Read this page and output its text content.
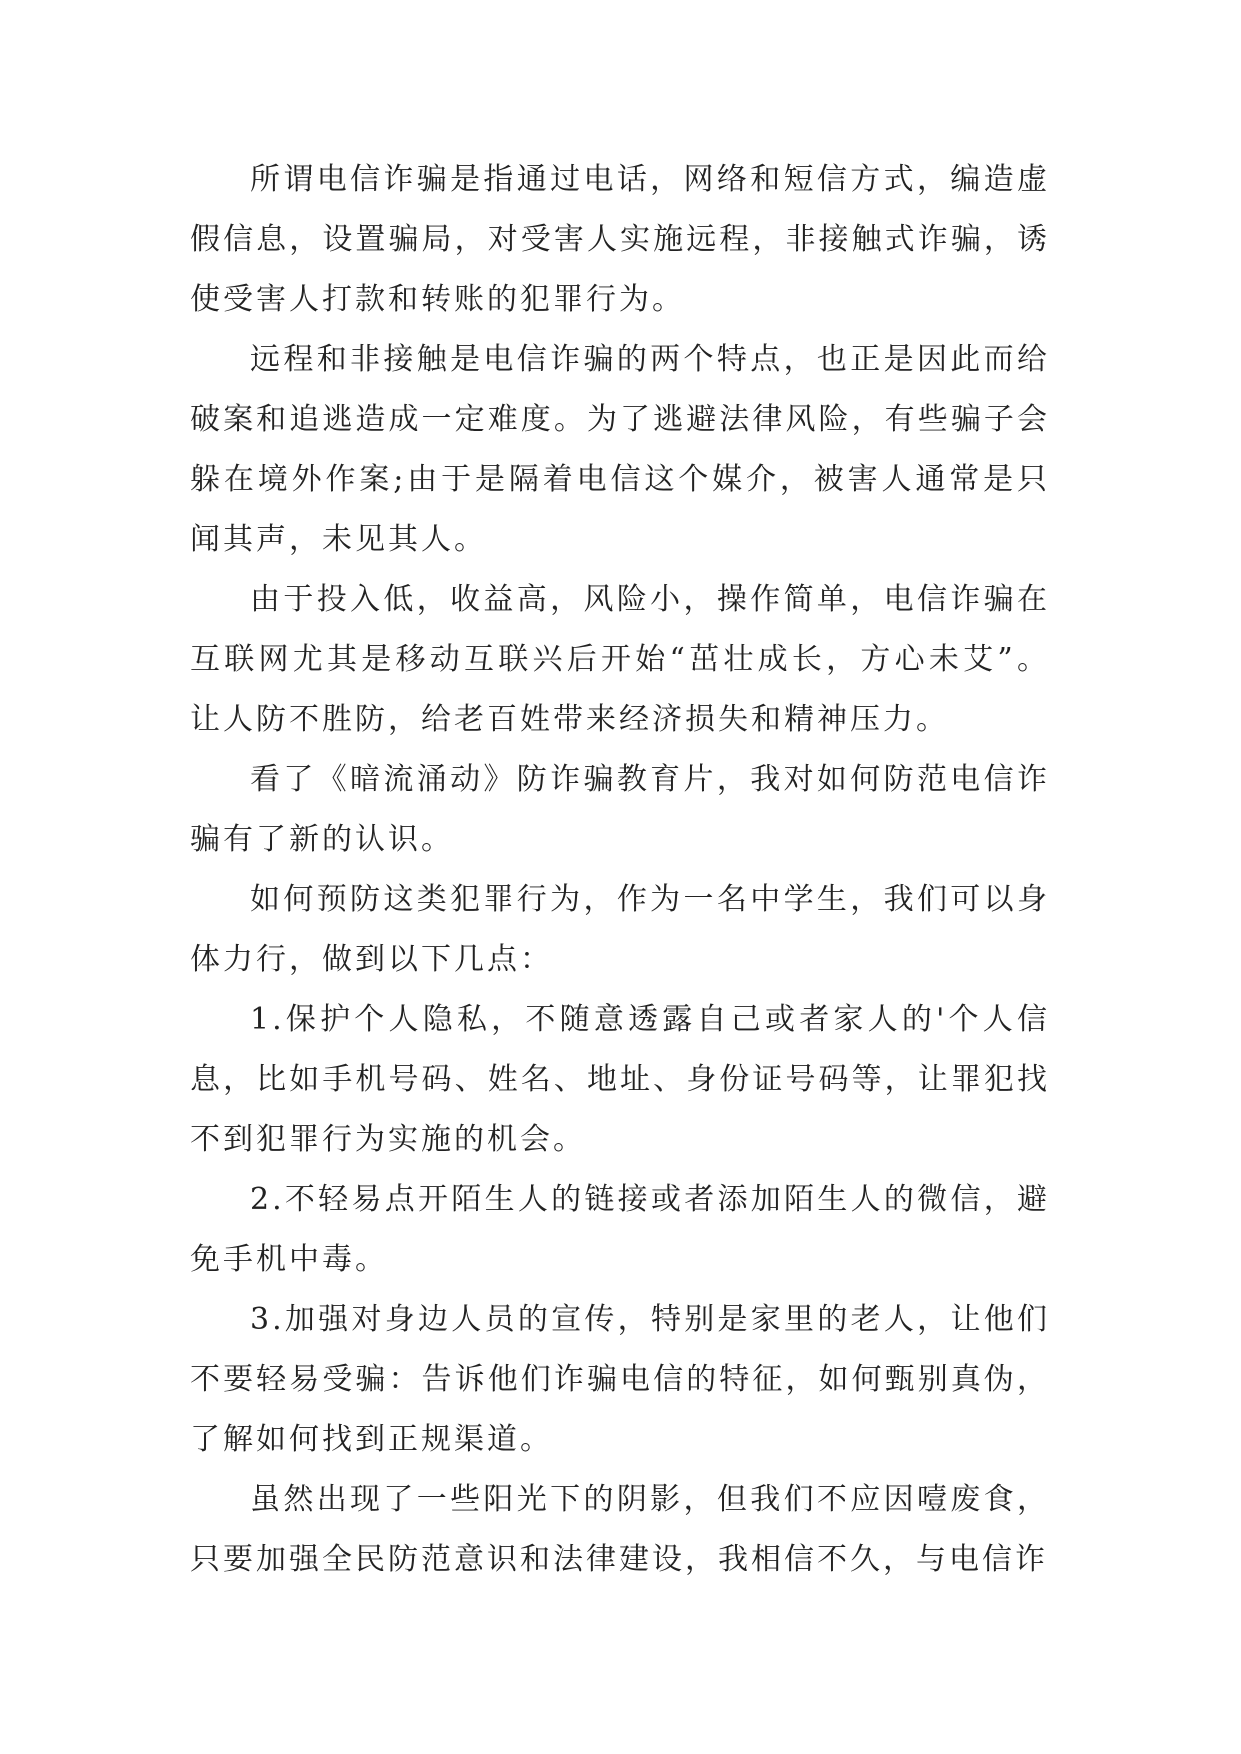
所谓电信诈骗是指通过电话，网络和短信方式，编造虚假信息，设置骗局，对受害人实施远程，非接触式诈骗，诱使受害人打款和转账的犯罪行为。

远程和非接触是电信诈骗的两个特点，也正是因此而给破案和追逃造成一定难度。为了逃避法律风险，有些骗子会躲在境外作案;由于是隔着电信这个媒介，被害人通常是只闻其声，未见其人。

由于投入低，收益高，风险小，操作简单，电信诈骗在互联网尤其是移动互联兴后开始“茁壮成长，方心未艾”。让人防不胜防，给老百姓带来经济损失和精神压力。

看了《暗流涌动》防诈骗教育片，我对如何防范电信诈骗有了新的认识。

如何预防这类犯罪行为，作为一名中学生，我们可以身体力行，做到以下几点：

1.保护个人隐私，不随意透露自己或者家人的'个人信息，比如手机号码、姓名、地址、身份证号码等，让罪犯找不到犯罪行为实施的机会。

2.不轻易点开陌生人的链接或者添加陌生人的微信，避免手机中毒。

3.加强对身边人员的宣传，特别是家里的老人，让他们不要轻易受骗：告诉他们诈骗电信的特征，如何甄别真伪，了解如何找到正规渠道。

虽然出现了一些阳光下的阴影，但我们不应因噎废食，只要加强全民防范意识和法律建设，我相信不久，与电信诈
